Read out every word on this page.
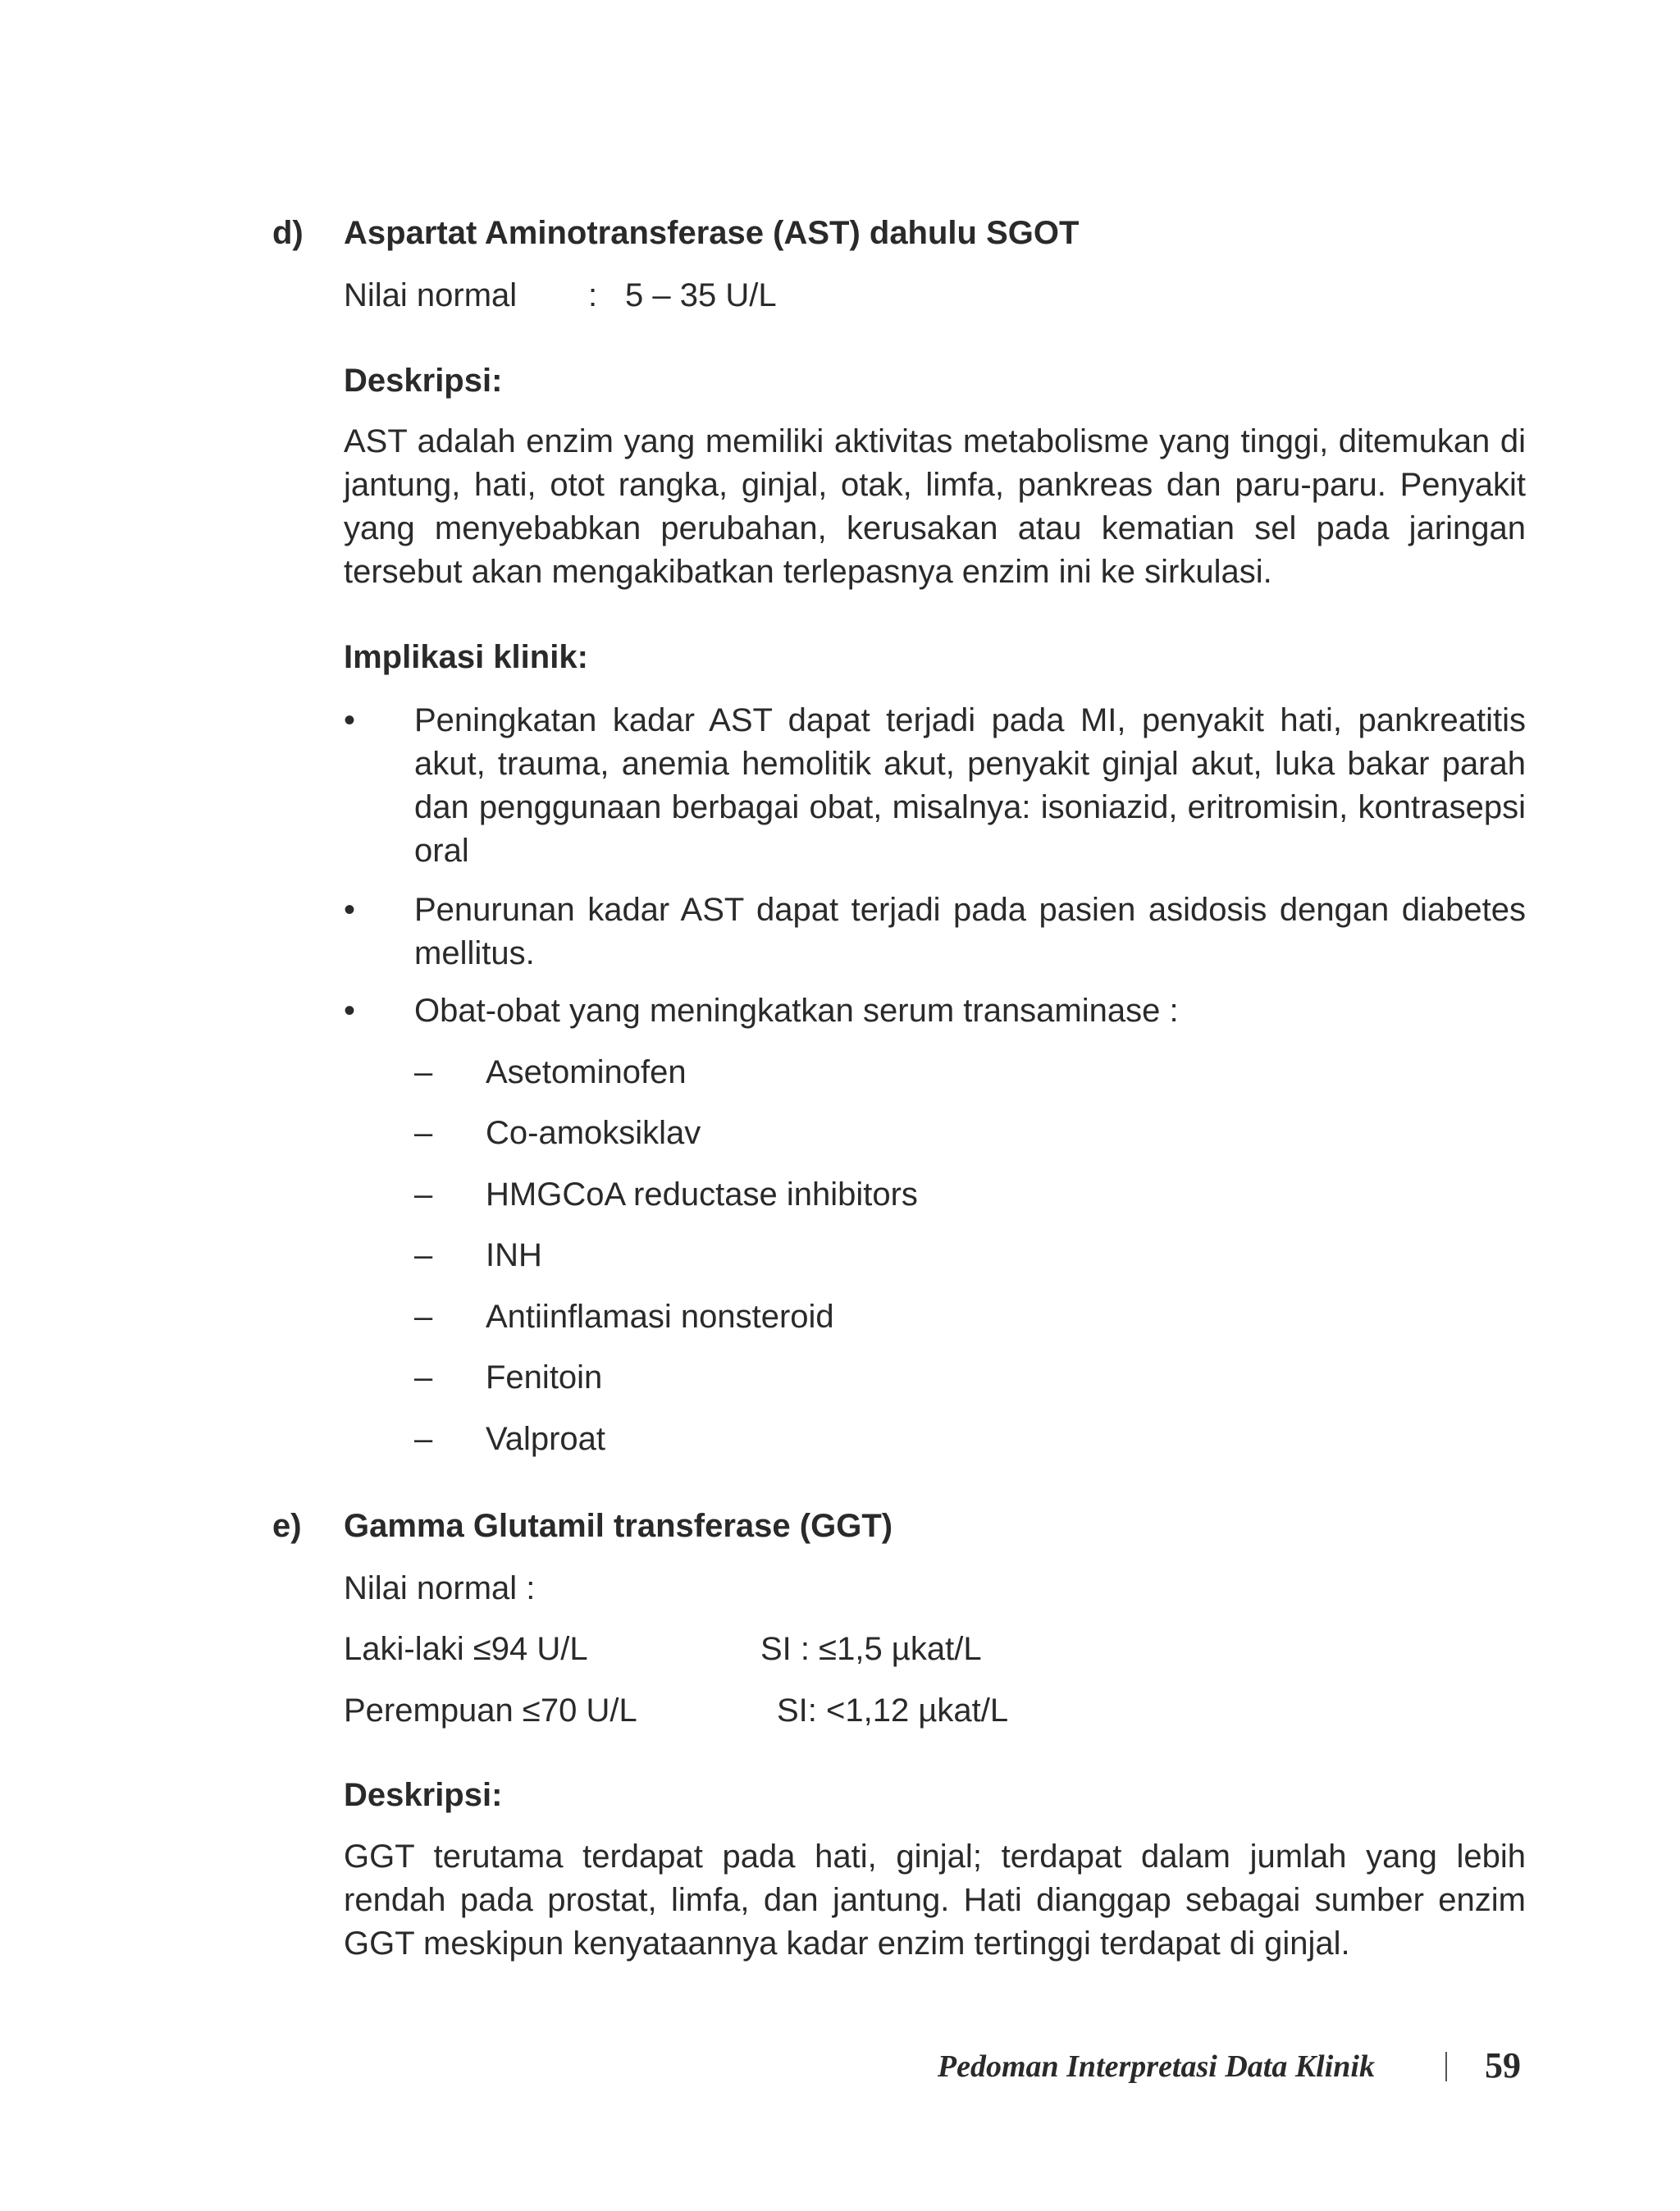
d) Aspartat Aminotransferase (AST) dahulu SGOT
Nilai normal : 5 – 35 U/L
Deskripsi:
AST adalah enzim yang memiliki aktivitas metabolisme yang tinggi, ditemukan di jantung, hati, otot rangka, ginjal, otak, limfa, pankreas dan paru-paru. Penyakit yang menyebabkan perubahan, kerusakan atau kematian sel pada jaringan tersebut akan mengakibatkan terlepasnya enzim ini ke sirkulasi.
Implikasi klinik:
• Peningkatan kadar AST dapat terjadi pada MI, penyakit hati, pankreatitis akut, trauma, anemia hemolitik akut, penyakit ginjal akut, luka bakar parah dan penggunaan berbagai obat, misalnya: isoniazid, eritromisin, kontrasepsi oral
• Penurunan kadar AST dapat terjadi pada pasien asidosis dengan diabetes mellitus.
• Obat-obat yang meningkatkan serum transaminase :
– Asetominofen
– Co-amoksiklav
– HMGCoA reductase inhibitors
– INH
– Antiinflamasi nonsteroid
– Fenitoin
– Valproat
e) Gamma Glutamil transferase (GGT)
Nilai normal :
Laki-laki ≤94 U/L	SI : ≤1,5 µkat/L
Perempuan ≤70 U/L	SI: <1,12 µkat/L
Deskripsi:
GGT terutama terdapat pada hati, ginjal; terdapat dalam jumlah yang lebih rendah pada prostat, limfa, dan jantung. Hati dianggap sebagai sumber enzim GGT meskipun kenyataannya kadar enzim tertinggi terdapat di ginjal.
Pedoman Interpretasi Data Klinik	59
